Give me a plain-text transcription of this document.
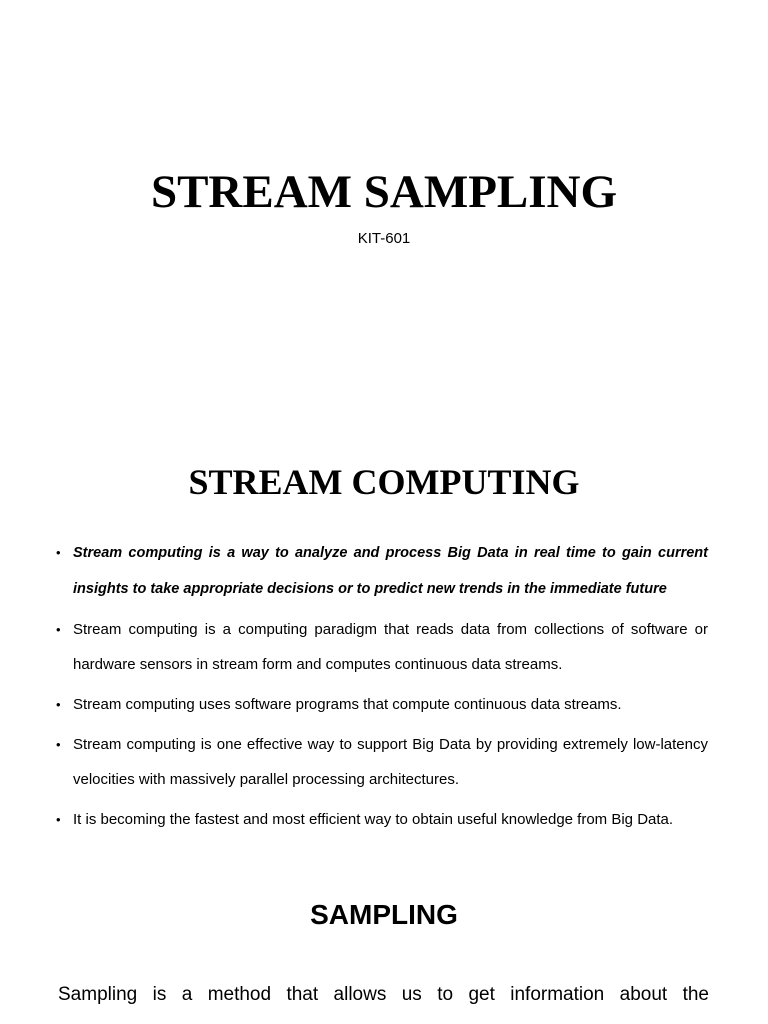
STREAM SAMPLING
KIT-601
STREAM COMPUTING
• Stream computing is a way to analyze and process Big Data in real time to gain current insights to take appropriate decisions or to predict new trends in the immediate future
• Stream computing is a computing paradigm that reads data from collections of software or hardware sensors in stream form and computes continuous data streams.
• Stream computing uses software programs that compute continuous data streams.
• Stream computing is one effective way to support Big Data by providing extremely low-latency velocities with massively parallel processing architectures.
• It is becoming the fastest and most efficient way to obtain useful knowledge from Big Data.
SAMPLING

Sampling is a method that allows us to get information about the
